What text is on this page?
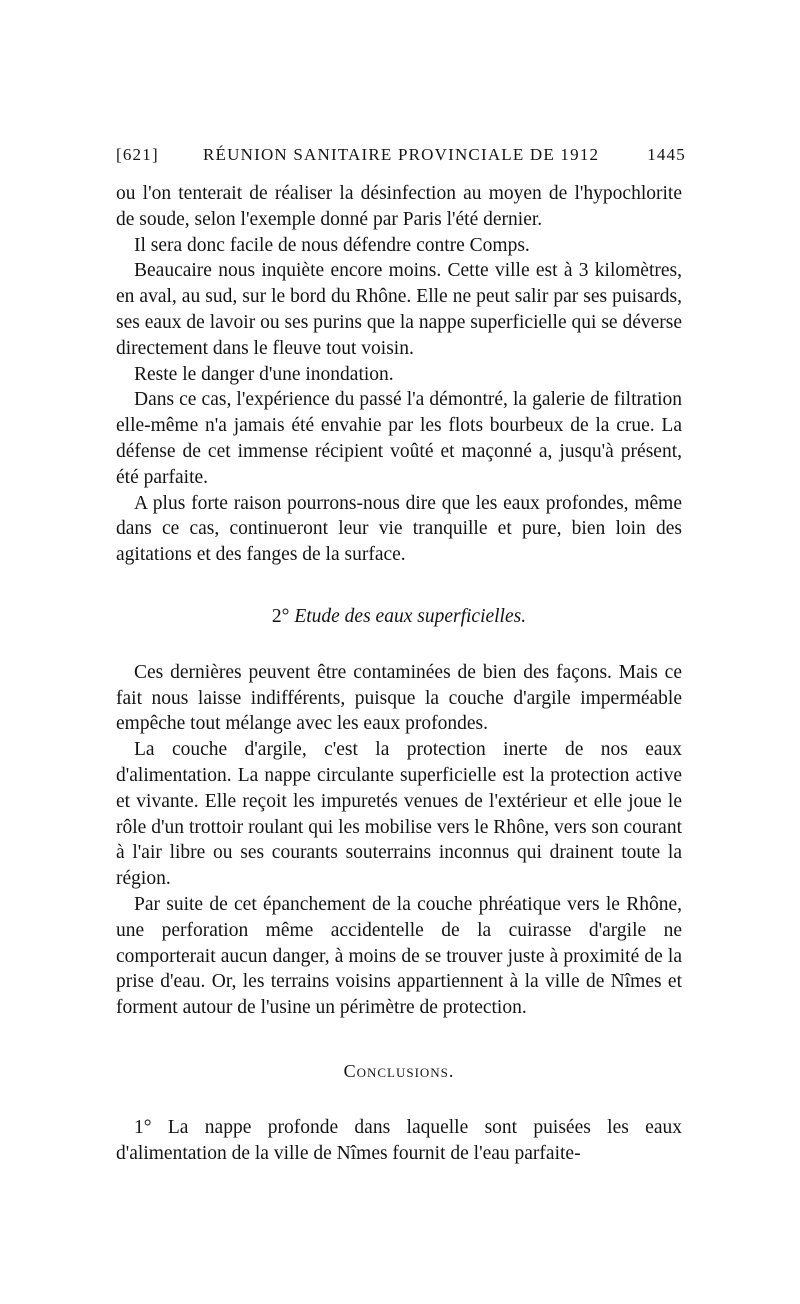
[621]	RÉUNION SANITAIRE PROVINCIALE DE 1912	1445

ou l'on tenterait de réaliser la désinfection au moyen de l'hypochlorite de soude, selon l'exemple donné par Paris l'été dernier.

Il sera donc facile de nous défendre contre Comps.

Beaucaire nous inquiète encore moins. Cette ville est à 3 kilomètres, en aval, au sud, sur le bord du Rhône. Elle ne peut salir par ses puisards, ses eaux de lavoir ou ses purins que la nappe superficielle qui se déverse directement dans le fleuve tout voisin.

Reste le danger d'une inondation.

Dans ce cas, l'expérience du passé l'a démontré, la galerie de filtration elle-même n'a jamais été envahie par les flots bourbeux de la crue. La défense de cet immense récipient voûté et maçonné a, jusqu'à présent, été parfaite.

A plus forte raison pourrons-nous dire que les eaux profondes, même dans ce cas, continueront leur vie tranquille et pure, bien loin des agitations et des fanges de la surface.

2° Etude des eaux superficielles.

Ces dernières peuvent être contaminées de bien des façons. Mais ce fait nous laisse indifférents, puisque la couche d'argile imperméable empêche tout mélange avec les eaux profondes.

La couche d'argile, c'est la protection inerte de nos eaux d'alimentation. La nappe circulante superficielle est la protection active et vivante. Elle reçoit les impuretés venues de l'extérieur et elle joue le rôle d'un trottoir roulant qui les mobilise vers le Rhône, vers son courant à l'air libre ou ses courants souterrains inconnus qui drainent toute la région.

Par suite de cet épanchement de la couche phréatique vers le Rhône, une perforation même accidentelle de la cuirasse d'argile ne comporterait aucun danger, à moins de se trouver juste à proximité de la prise d'eau. Or, les terrains voisins appartiennent à la ville de Nîmes et forment autour de l'usine un périmètre de protection.

Conclusions.

1° La nappe profonde dans laquelle sont puisées les eaux d'alimentation de la ville de Nîmes fournit de l'eau parfaite-
